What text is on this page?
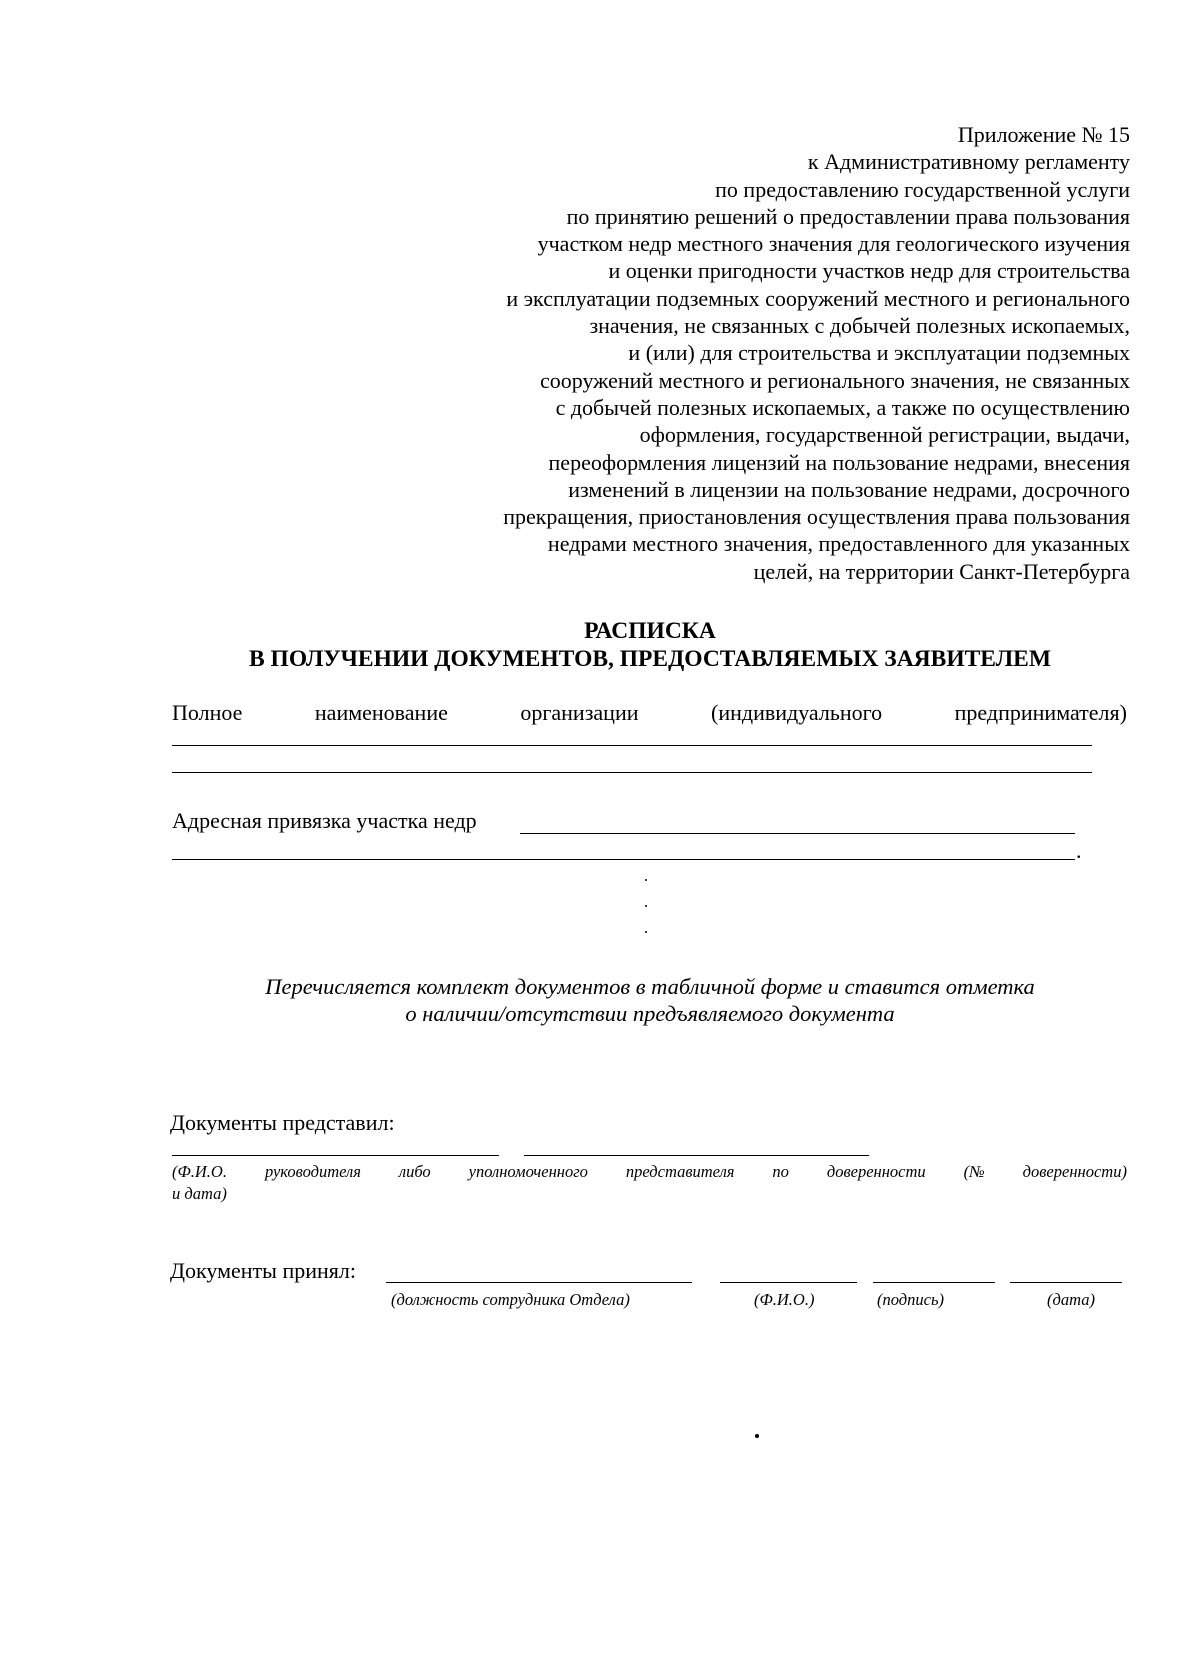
Приложение № 15
к Административному регламенту
по предоставлению государственной услуги
по принятию решений о предоставлении права пользования
участком недр местного значения для геологического изучения
и оценки пригодности участков недр для строительства
и эксплуатации подземных сооружений местного и регионального
значения, не связанных с добычей полезных ископаемых,
и (или) для строительства и эксплуатации подземных
сооружений местного и регионального значения, не связанных
с добычей полезных ископаемых, а также по осуществлению
оформления, государственной регистрации, выдачи,
переоформления лицензий на пользование недрами, внесения
изменений в лицензии на пользование недрами, досрочного
прекращения, приостановления осуществления права пользования
недрами местного значения, предоставленного для указанных
целей, на территории Санкт-Петербурга
РАСПИСКА
В ПОЛУЧЕНИИ ДОКУМЕНТОВ, ПРЕДОСТАВЛЯЕМЫХ ЗАЯВИТЕЛЕМ
Полное	наименование	организации	(индивидуального	предпринимателя)
Адресная привязка участка недр
.
Перечисляется комплект документов в табличной форме и ставится отметка
о наличии/отсутствии предъявляемого документа
Документы представил:
(Ф.И.О. руководителя либо уполномоченного представителя по доверенности (№ доверенности)
и дата)
Документы принял:
(должность сотрудника Отдела)	(Ф.И.О.)	(подпись)	(дата)
